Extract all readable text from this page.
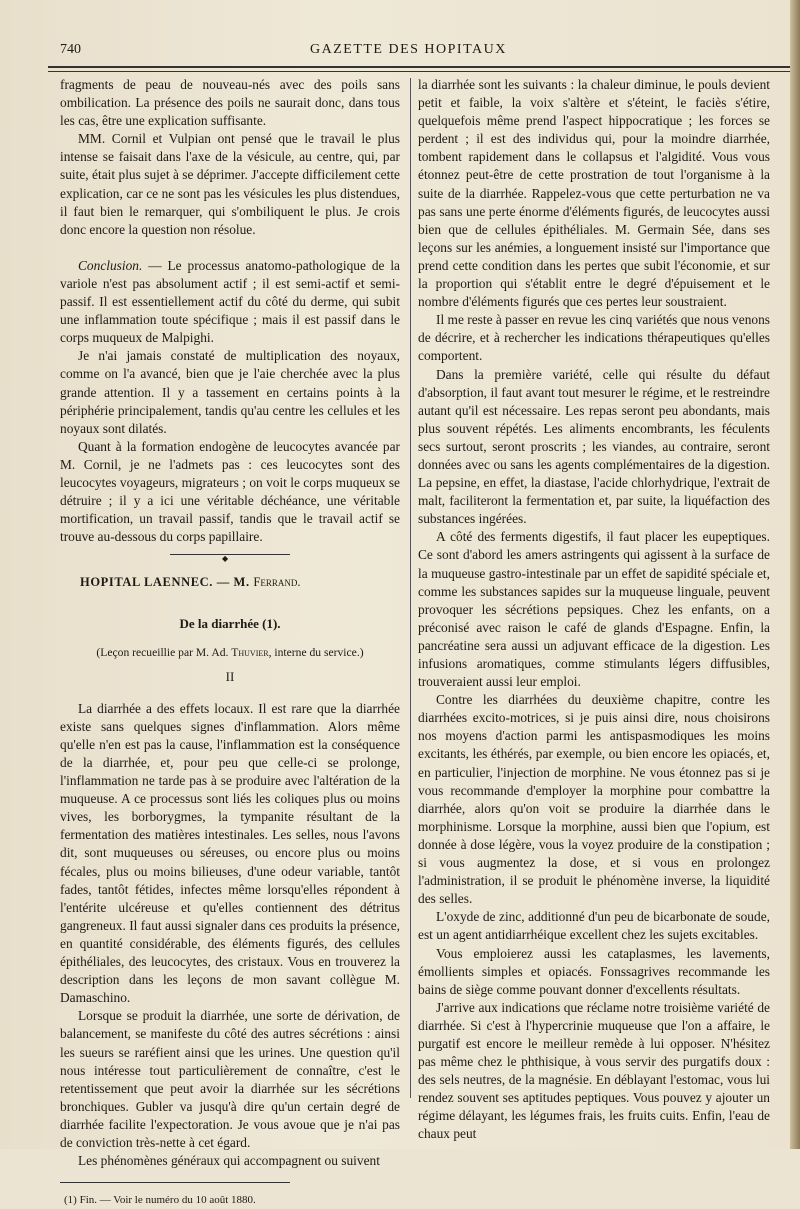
740	GAZETTE DES HOPITAUX

fragments de peau de nouveau-nés avec des poils sans ombilication. La présence des poils ne saurait donc, dans tous les cas, être une explication suffisante.

MM. Cornil et Vulpian ont pensé que le travail le plus intense se faisait dans l'axe de la vésicule, au centre, qui, par suite, était plus sujet à se déprimer. J'accepte difficilement cette explication, car ce ne sont pas les vésicules les plus distendues, il faut bien le remarquer, qui s'ombiliquent le plus. Je crois donc encore la question non résolue.

Conclusion. — Le processus anatomo-pathologique de la variole n'est pas absolument actif ; il est semi-actif et semi-passif. Il est essentiellement actif du côté du derme, qui subit une inflammation toute spécifique ; mais il est passif dans le corps muqueux de Malpighi.

Je n'ai jamais constaté de multiplication des noyaux, comme on l'a avancé, bien que je l'aie cherchée avec la plus grande attention. Il y a tassement en certains points à la périphérie principalement, tandis qu'au centre les cellules et les noyaux sont dilatés.

Quant à la formation endogène de leucocytes avancée par M. Cornil, je ne l'admets pas : ces leucocytes sont des leucocytes voyageurs, migrateurs ; on voit le corps muqueux se détruire ; il y a ici une véritable déchéance, une véritable mortification, un travail passif, tandis que le travail actif se trouve au-dessous du corps papillaire.

◆
HOPITAL LAENNEC. — M. Ferrand.
De la diarrhée (1).
(Leçon recueillie par M. Ad. Thuvier, interne du service.)
II

La diarrhée a des effets locaux. Il est rare que la diarrhée existe sans quelques signes d'inflammation. Alors même qu'elle n'en est pas la cause, l'inflammation est la conséquence de la diarrhée, et, pour peu que celle-ci se prolonge, l'inflammation ne tarde pas à se produire avec l'altération de la muqueuse. A ce processus sont liés les coliques plus ou moins vives, les borborygmes, la tympanite résultant de la fermentation des matières intestinales. Les selles, nous l'avons dit, sont muqueuses ou séreuses, ou encore plus ou moins fécales, plus ou moins bilieuses, d'une odeur variable, tantôt fades, tantôt fétides, infectes même lorsqu'elles répondent à l'entérite ulcéreuse et qu'elles contiennent des détritus gangreneux. Il faut aussi signaler dans ces produits la présence, en quantité considérable, des éléments figurés, des cellules épithéliales, des leucocytes, des cristaux. Vous en trouverez la description dans les leçons de mon savant collègue M. Damaschino.

Lorsque se produit la diarrhée, une sorte de dérivation, de balancement, se manifeste du côté des autres sécrétions : ainsi les sueurs se raréfient ainsi que les urines. Une question qu'il nous intéresse tout particulièrement de connaître, c'est le retentissement que peut avoir la diarrhée sur les sécrétions bronchiques. Gubler va jusqu'à dire qu'un certain degré de diarrhée facilite l'expectoration. Je vous avoue que je n'ai pas de conviction très-nette à cet égard.

Les phénomènes généraux qui accompagnent ou suivent

(1) Fin. — Voir le numéro du 10 août 1880.

la diarrhée sont les suivants : la chaleur diminue, le pouls devient petit et faible, la voix s'altère et s'éteint, le faciès s'étire, quelquefois même prend l'aspect hippocratique ; les forces se perdent ; il est des individus qui, pour la moindre diarrhée, tombent rapidement dans le collapsus et l'algidité. Vous vous étonnez peut-être de cette prostration de tout l'organisme à la suite de la diarrhée. Rappelez-vous que cette perturbation ne va pas sans une perte énorme d'éléments figurés, de leucocytes aussi bien que de cellules épithéliales. M. Germain Sée, dans ses leçons sur les anémies, a longuement insisté sur l'importance que prend cette condition dans les pertes que subit l'économie, et sur la proportion qui s'établit entre le degré d'épuisement et le nombre d'éléments figurés que ces pertes leur soustraient.

Il me reste à passer en revue les cinq variétés que nous venons de décrire, et à rechercher les indications thérapeutiques qu'elles comportent.

Dans la première variété, celle qui résulte du défaut d'absorption, il faut avant tout mesurer le régime, et le restreindre autant qu'il est nécessaire. Les repas seront peu abondants, mais plus souvent répétés. Les aliments encombrants, les féculents secs surtout, seront proscrits ; les viandes, au contraire, seront données avec ou sans les agents complémentaires de la digestion. La pepsine, en effet, la diastase, l'acide chlorhydrique, l'extrait de malt, faciliteront la fermentation et, par suite, la liquéfaction des substances ingérées.

A côté des ferments digestifs, il faut placer les eupeptiques. Ce sont d'abord les amers astringents qui agissent à la surface de la muqueuse gastro-intestinale par un effet de sapidité spéciale et, comme les substances sapides sur la muqueuse linguale, peuvent provoquer les sécrétions pepsiques. Chez les enfants, on a préconisé avec raison le café de glands d'Espagne. Enfin, la pancréatine sera aussi un adjuvant efficace de la digestion. Les infusions aromatiques, comme stimulants légers diffusibles, trouveraient aussi leur emploi.

Contre les diarrhées du deuxième chapitre, contre les diarrhées excito-motrices, si je puis ainsi dire, nous choisirons nos moyens d'action parmi les antispasmodiques les moins excitants, les éthérés, par exemple, ou bien encore les opiacés, et, en particulier, l'injection de morphine. Ne vous étonnez pas si je vous recommande d'employer la morphine pour combattre la diarrhée, alors qu'on voit se produire la diarrhée dans le morphinisme. Lorsque la morphine, aussi bien que l'opium, est donnée à dose légère, vous la voyez produire de la constipation ; si vous augmentez la dose, et si vous en prolongez l'administration, il se produit le phénomène inverse, la liquidité des selles.

L'oxyde de zinc, additionné d'un peu de bicarbonate de soude, est un agent antidiarrhéique excellent chez les sujets excitables.

Vous emploierez aussi les cataplasmes, les lavements, émollients simples et opiacés. Fonssagrives recommande les bains de siège comme pouvant donner d'excellents résultats.

J'arrive aux indications que réclame notre troisième variété de diarrhée. Si c'est à l'hypercrinie muqueuse que l'on a affaire, le purgatif est encore le meilleur remède à lui opposer. N'hésitez pas même chez le phthisique, à vous servir des purgatifs doux : des sels neutres, de la magnésie. En déblayant l'estomac, vous lui rendez souvent ses aptitudes peptiques. Vous pouvez y ajouter un régime délayant, les légumes frais, les fruits cuits. Enfin, l'eau de chaux peut
